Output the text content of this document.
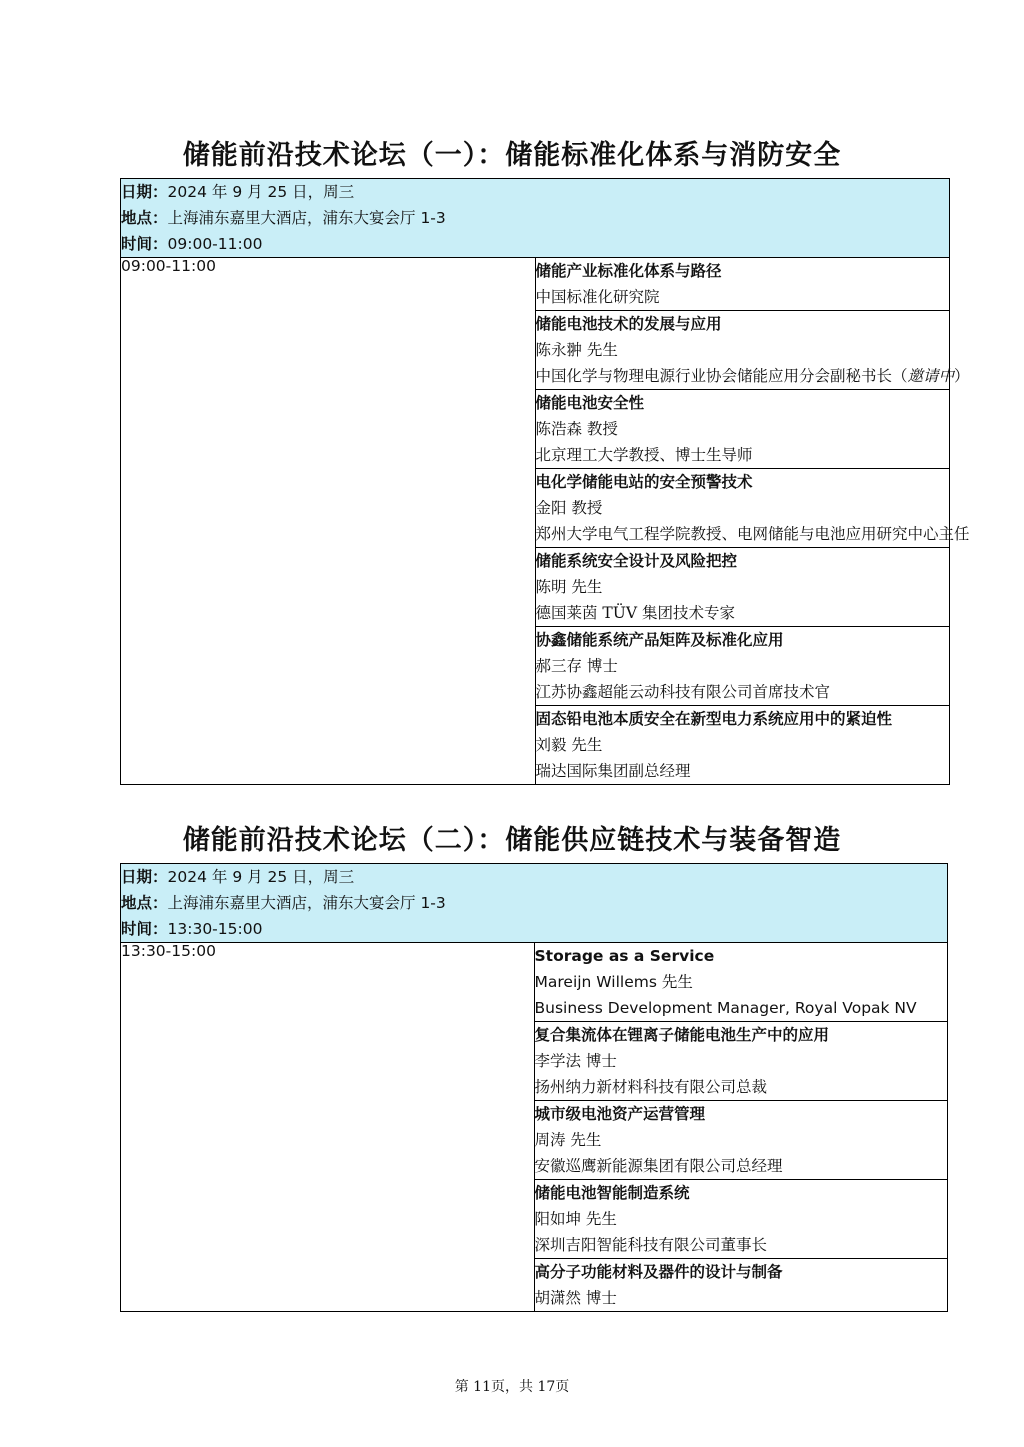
储能前沿技术论坛（一）：储能标准化体系与消防安全
日期：2024 年 9 月 25 日，周三
地点：上海浦东嘉里大酒店，浦东大宴会厅 1-3
时间：09:00-11:00

09:00-11:00	储能产业标准化体系与路径
中国标准化研究院

储能电池技术的发展与应用
陈永翀 先生
中国化学与物理电源行业协会储能应用分会副秘书长（邀请中）

储能电池安全性
陈浩森 教授
北京理工大学教授、博士生导师

电化学储能电站的安全预警技术
金阳 教授
郑州大学电气工程学院教授、电网储能与电池应用研究中心主任

储能系统安全设计及风险把控
陈明 先生
德国莱茵 TÜV 集团技术专家

协鑫储能系统产品矩阵及标准化应用
郝三存 博士
江苏协鑫超能云动科技有限公司首席技术官

固态铅电池本质安全在新型电力系统应用中的紧迫性
刘毅 先生
瑞达国际集团副总经理
储能前沿技术论坛（二）：储能供应链技术与装备智造
日期：2024 年 9 月 25 日，周三
地点：上海浦东嘉里大酒店，浦东大宴会厅 1-3
时间：13:30-15:00

13:30-15:00	Storage as a Service
Mareijn Willems 先生
Business Development Manager, Royal Vopak NV

复合集流体在锂离子储能电池生产中的应用
李学法 博士
扬州纳力新材料科技有限公司总裁

城市级电池资产运营管理
周涛 先生
安徽巡鹰新能源集团有限公司总经理

储能电池智能制造系统
阳如坤 先生
深圳吉阳智能科技有限公司董事长

高分子功能材料及器件的设计与制备
胡潇然 博士
第 11页，共 17页
